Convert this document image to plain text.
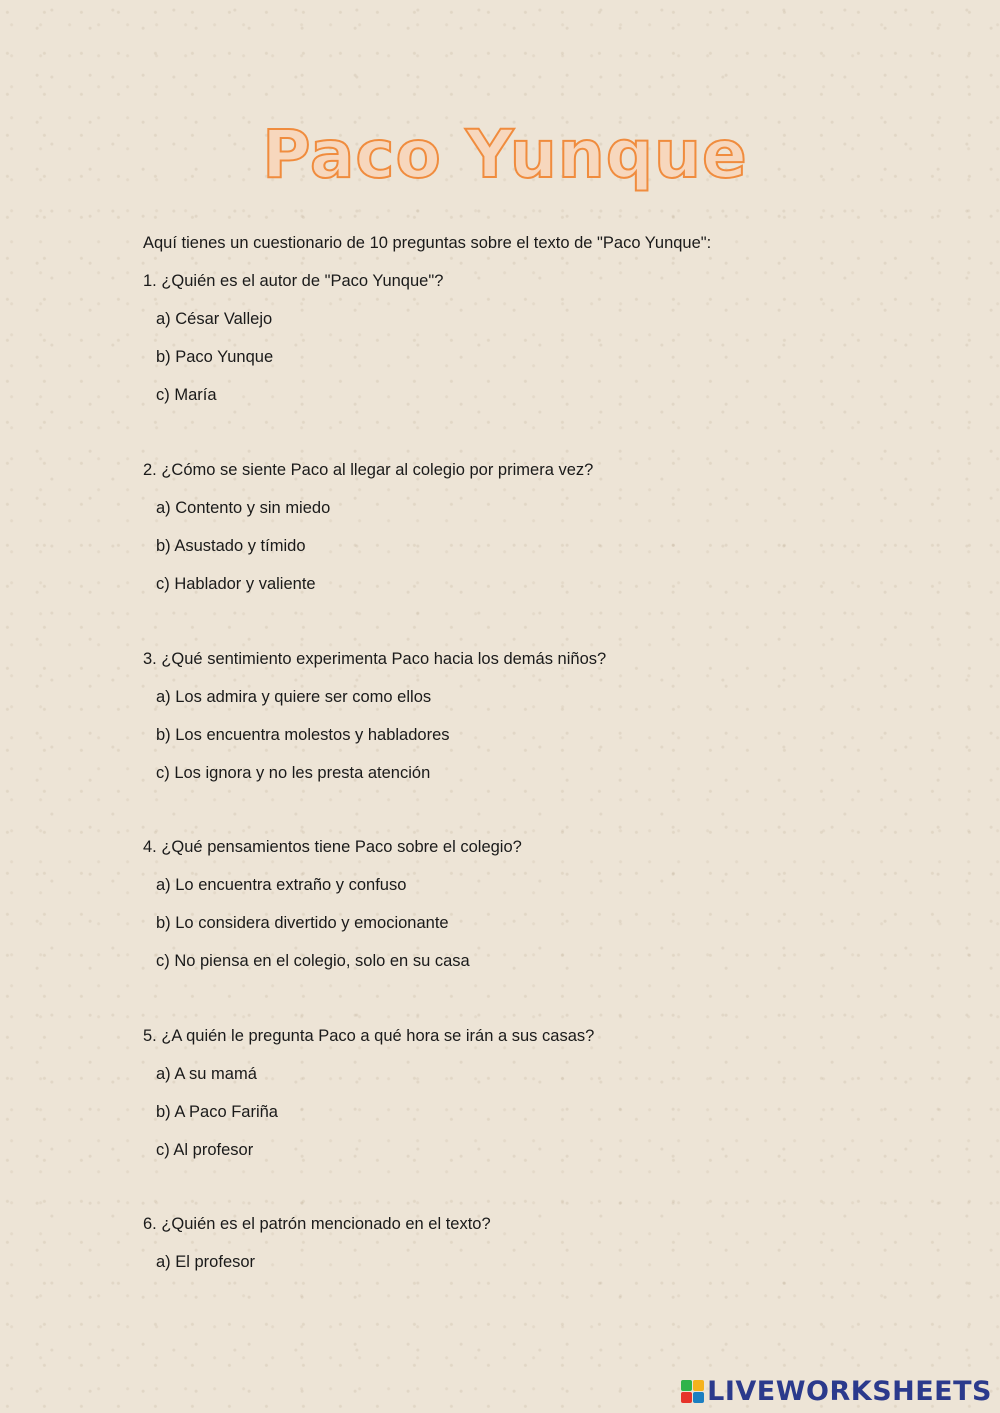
Paco Yunque
Aquí tienes un cuestionario de 10 preguntas sobre el texto de "Paco Yunque":
1. ¿Quién es el autor de "Paco Yunque"?
a) César Vallejo
b) Paco Yunque
c) María
2. ¿Cómo se siente Paco al llegar al colegio por primera vez?
a) Contento y sin miedo
b) Asustado y tímido
c) Hablador y valiente
3. ¿Qué sentimiento experimenta Paco hacia los demás niños?
a) Los admira y quiere ser como ellos
b) Los encuentra molestos y habladores
c) Los ignora y no les presta atención
4. ¿Qué pensamientos tiene Paco sobre el colegio?
a) Lo encuentra extraño y confuso
b) Lo considera divertido y emocionante
c) No piensa en el colegio, solo en su casa
5. ¿A quién le pregunta Paco a qué hora se irán a sus casas?
a) A su mamá
b) A Paco Fariña
c) Al profesor
6. ¿Quién es el patrón mencionado en el texto?
a) El profesor
LIVEWORKSHEETS
